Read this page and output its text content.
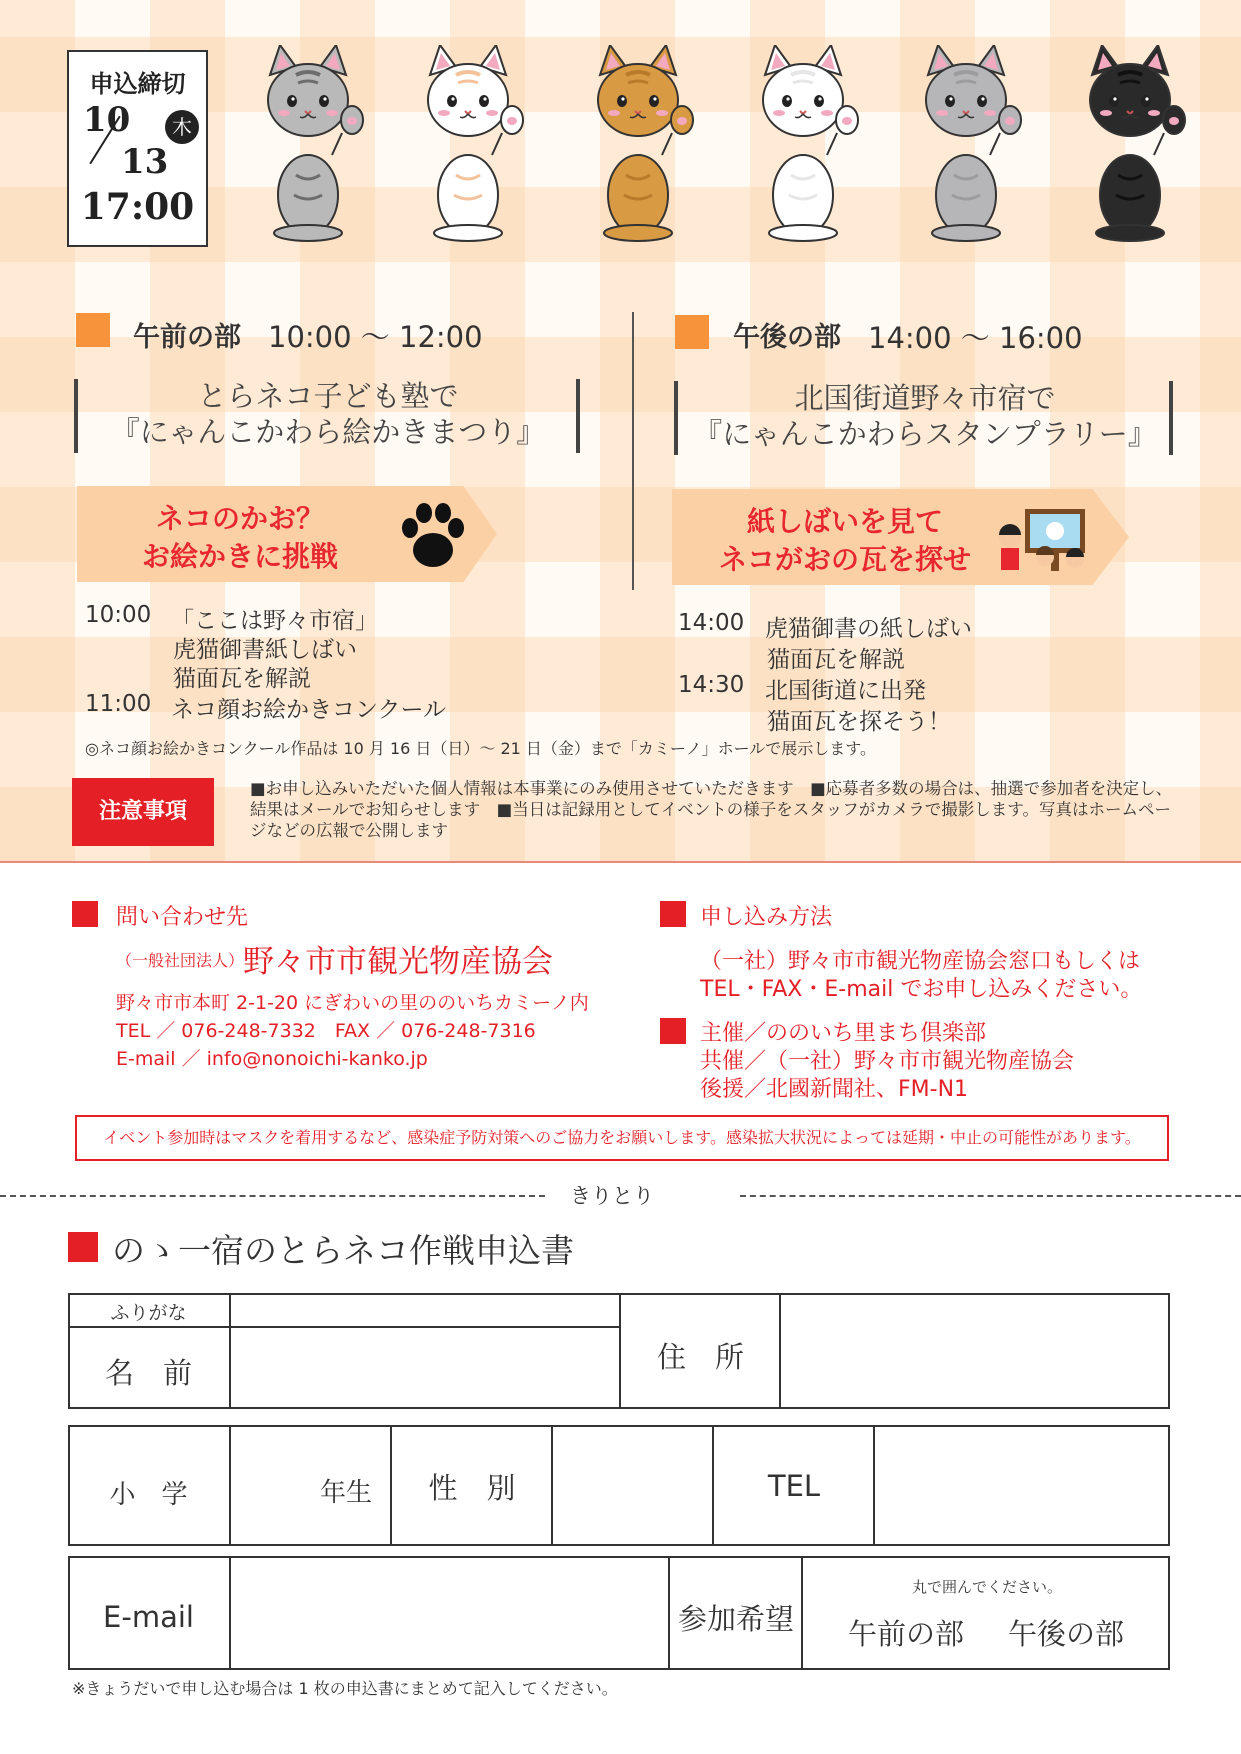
申込締切
10
13
木
17:00
午前の部 10:00 ～ 12:00
とらネコ子ども塾で
『にゃんこかわら絵かきまつり』
ネコのかお？
お絵かきに挑戦
10:00 「ここは野々市宿」
虎猫御書紙しばい
猫面瓦を解説
11:00 ネコ顔お絵かきコンクール
午後の部 14:00 ～ 16:00
北国街道野々市宿で
『にゃんこかわらスタンプラリー』
紙しばいを見て
ネコがおの瓦を探せ
14:00 虎猫御書の紙しばい
猫面瓦を解説
14:30 北国街道に出発
猫面瓦を探そう！
◎ネコ顔お絵かきコンクール作品は 10 月 16 日（日）～ 21 日（金）まで「カミーノ」ホールで展示します。
注意事項
■お申し込みいただいた個人情報は本事業にのみ使用させていただきます　■応募者多数の場合は、抽選で参加者を決定し、結果はメールでお知らせします　■当日は記録用としてイベントの様子をスタッフがカメラで撮影します。写真はホームページなどの広報で公開します
問い合わせ先
（一般社団法人）
野々市市観光物産協会
野々市市本町 2-1-20 にぎわいの里ののいちカミーノ内
TEL ／ 076-248-7332　FAX ／ 076-248-7316
E-mail ／ info@nonoichi-kanko.jp
申し込み方法
（一社）野々市市観光物産協会窓口もしくは
TEL・FAX・E-mail でお申し込みください。
主催／ののいち里まち倶楽部
共催／（一社）野々市市観光物産協会
後援／北國新聞社、FM-N1
イベント参加時はマスクを着用するなど、感染症予防対策へのご協力をお願いします。感染拡大状況によっては延期・中止の可能性があります。
きりとり
のゝ一宿のとらネコ作戦申込書
ふりがな
名　前	住　所
小　学	年生	性　別	TEL
E-mail	参加希望
丸で囲んでください。
午前の部 午後の部
※きょうだいで申し込む場合は 1 枚の申込書にまとめて記入してください。
